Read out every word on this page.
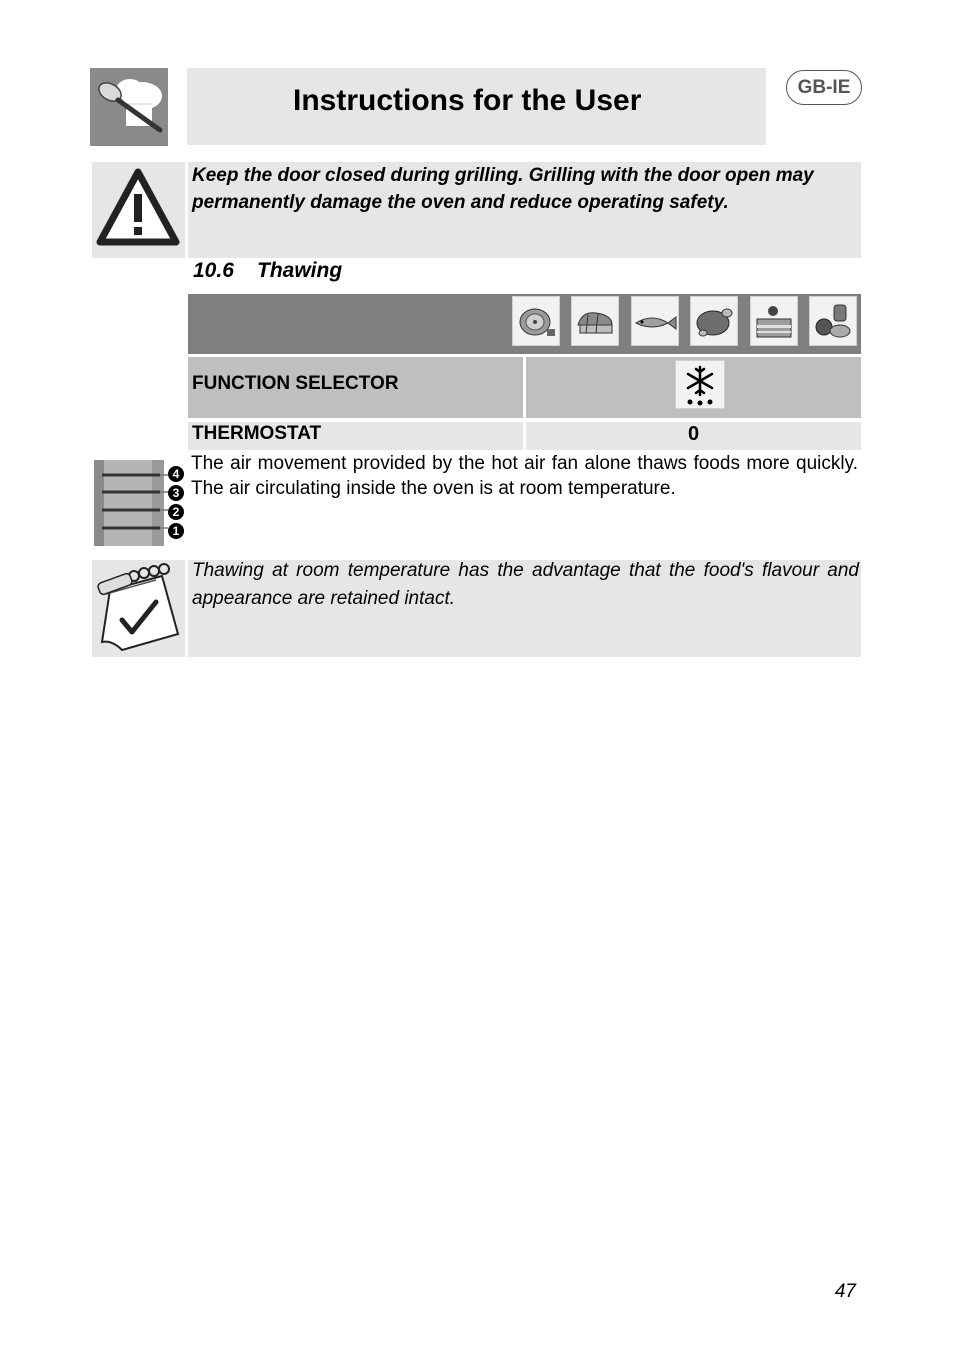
Instructions for the User	GB-IE
Keep the door closed during grilling. Grilling with the door open may permanently damage the oven and reduce operating safety.
10.6 Thawing
FUNCTION SELECTOR
THERMOSTAT	0
4
3
2
1
The air movement provided by the hot air fan alone thaws foods more quickly. The air circulating inside the oven is at room temperature.
Thawing at room temperature has the advantage that the food's flavour and appearance are retained intact.
47
